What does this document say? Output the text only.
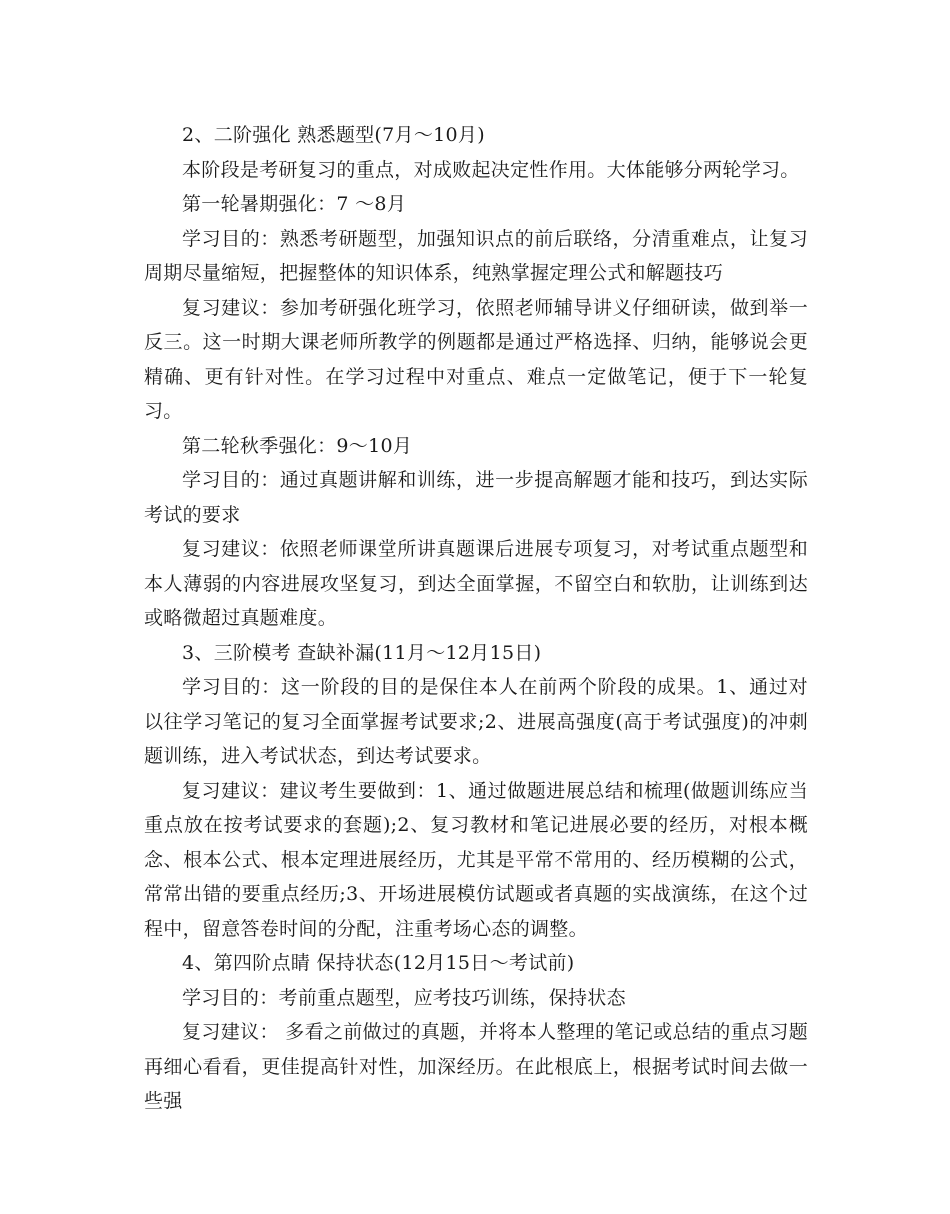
2、二阶强化 熟悉题型(7月～10月)

本阶段是考研复习的重点，对成败起决定性作用。大体能够分两轮学习。

第一轮暑期强化：7 ～8月

学习目的：熟悉考研题型，加强知识点的前后联络，分清重难点，让复习周期尽量缩短，把握整体的知识体系，纯熟掌握定理公式和解题技巧

复习建议：参加考研强化班学习，依照老师辅导讲义仔细研读，做到举一反三。这一时期大课老师所教学的例题都是通过严格选择、归纳，能够说会更精确、更有针对性。在学习过程中对重点、难点一定做笔记，便于下一轮复习。

第二轮秋季强化：9～10月

学习目的：通过真题讲解和训练，进一步提高解题才能和技巧，到达实际考试的要求

复习建议：依照老师课堂所讲真题课后进展专项复习，对考试重点题型和本人薄弱的内容进展攻坚复习，到达全面掌握，不留空白和软肋，让训练到达或略微超过真题难度。

3、三阶模考 查缺补漏(11月～12月15日)

学习目的：这一阶段的目的是保住本人在前两个阶段的成果。1、通过对以往学习笔记的复习全面掌握考试要求;2、进展高强度(高于考试强度)的冲刺题训练，进入考试状态，到达考试要求。

复习建议：建议考生要做到：1、通过做题进展总结和梳理(做题训练应当重点放在按考试要求的套题);2、复习教材和笔记进展必要的经历，对根本概念、根本公式、根本定理进展经历，尤其是平常不常用的、经历模糊的公式，常常出错的要重点经历;3、开场进展模仿试题或者真题的实战演练，在这个过程中，留意答卷时间的分配，注重考场心态的调整。

4、第四阶点睛 保持状态(12月15日～考试前)

学习目的：考前重点题型，应考技巧训练，保持状态

复习建议： 多看之前做过的真题，并将本人整理的笔记或总结的重点习题再细心看看，更佳提高针对性，加深经历。在此根底上，根据考试时间去做一些强
